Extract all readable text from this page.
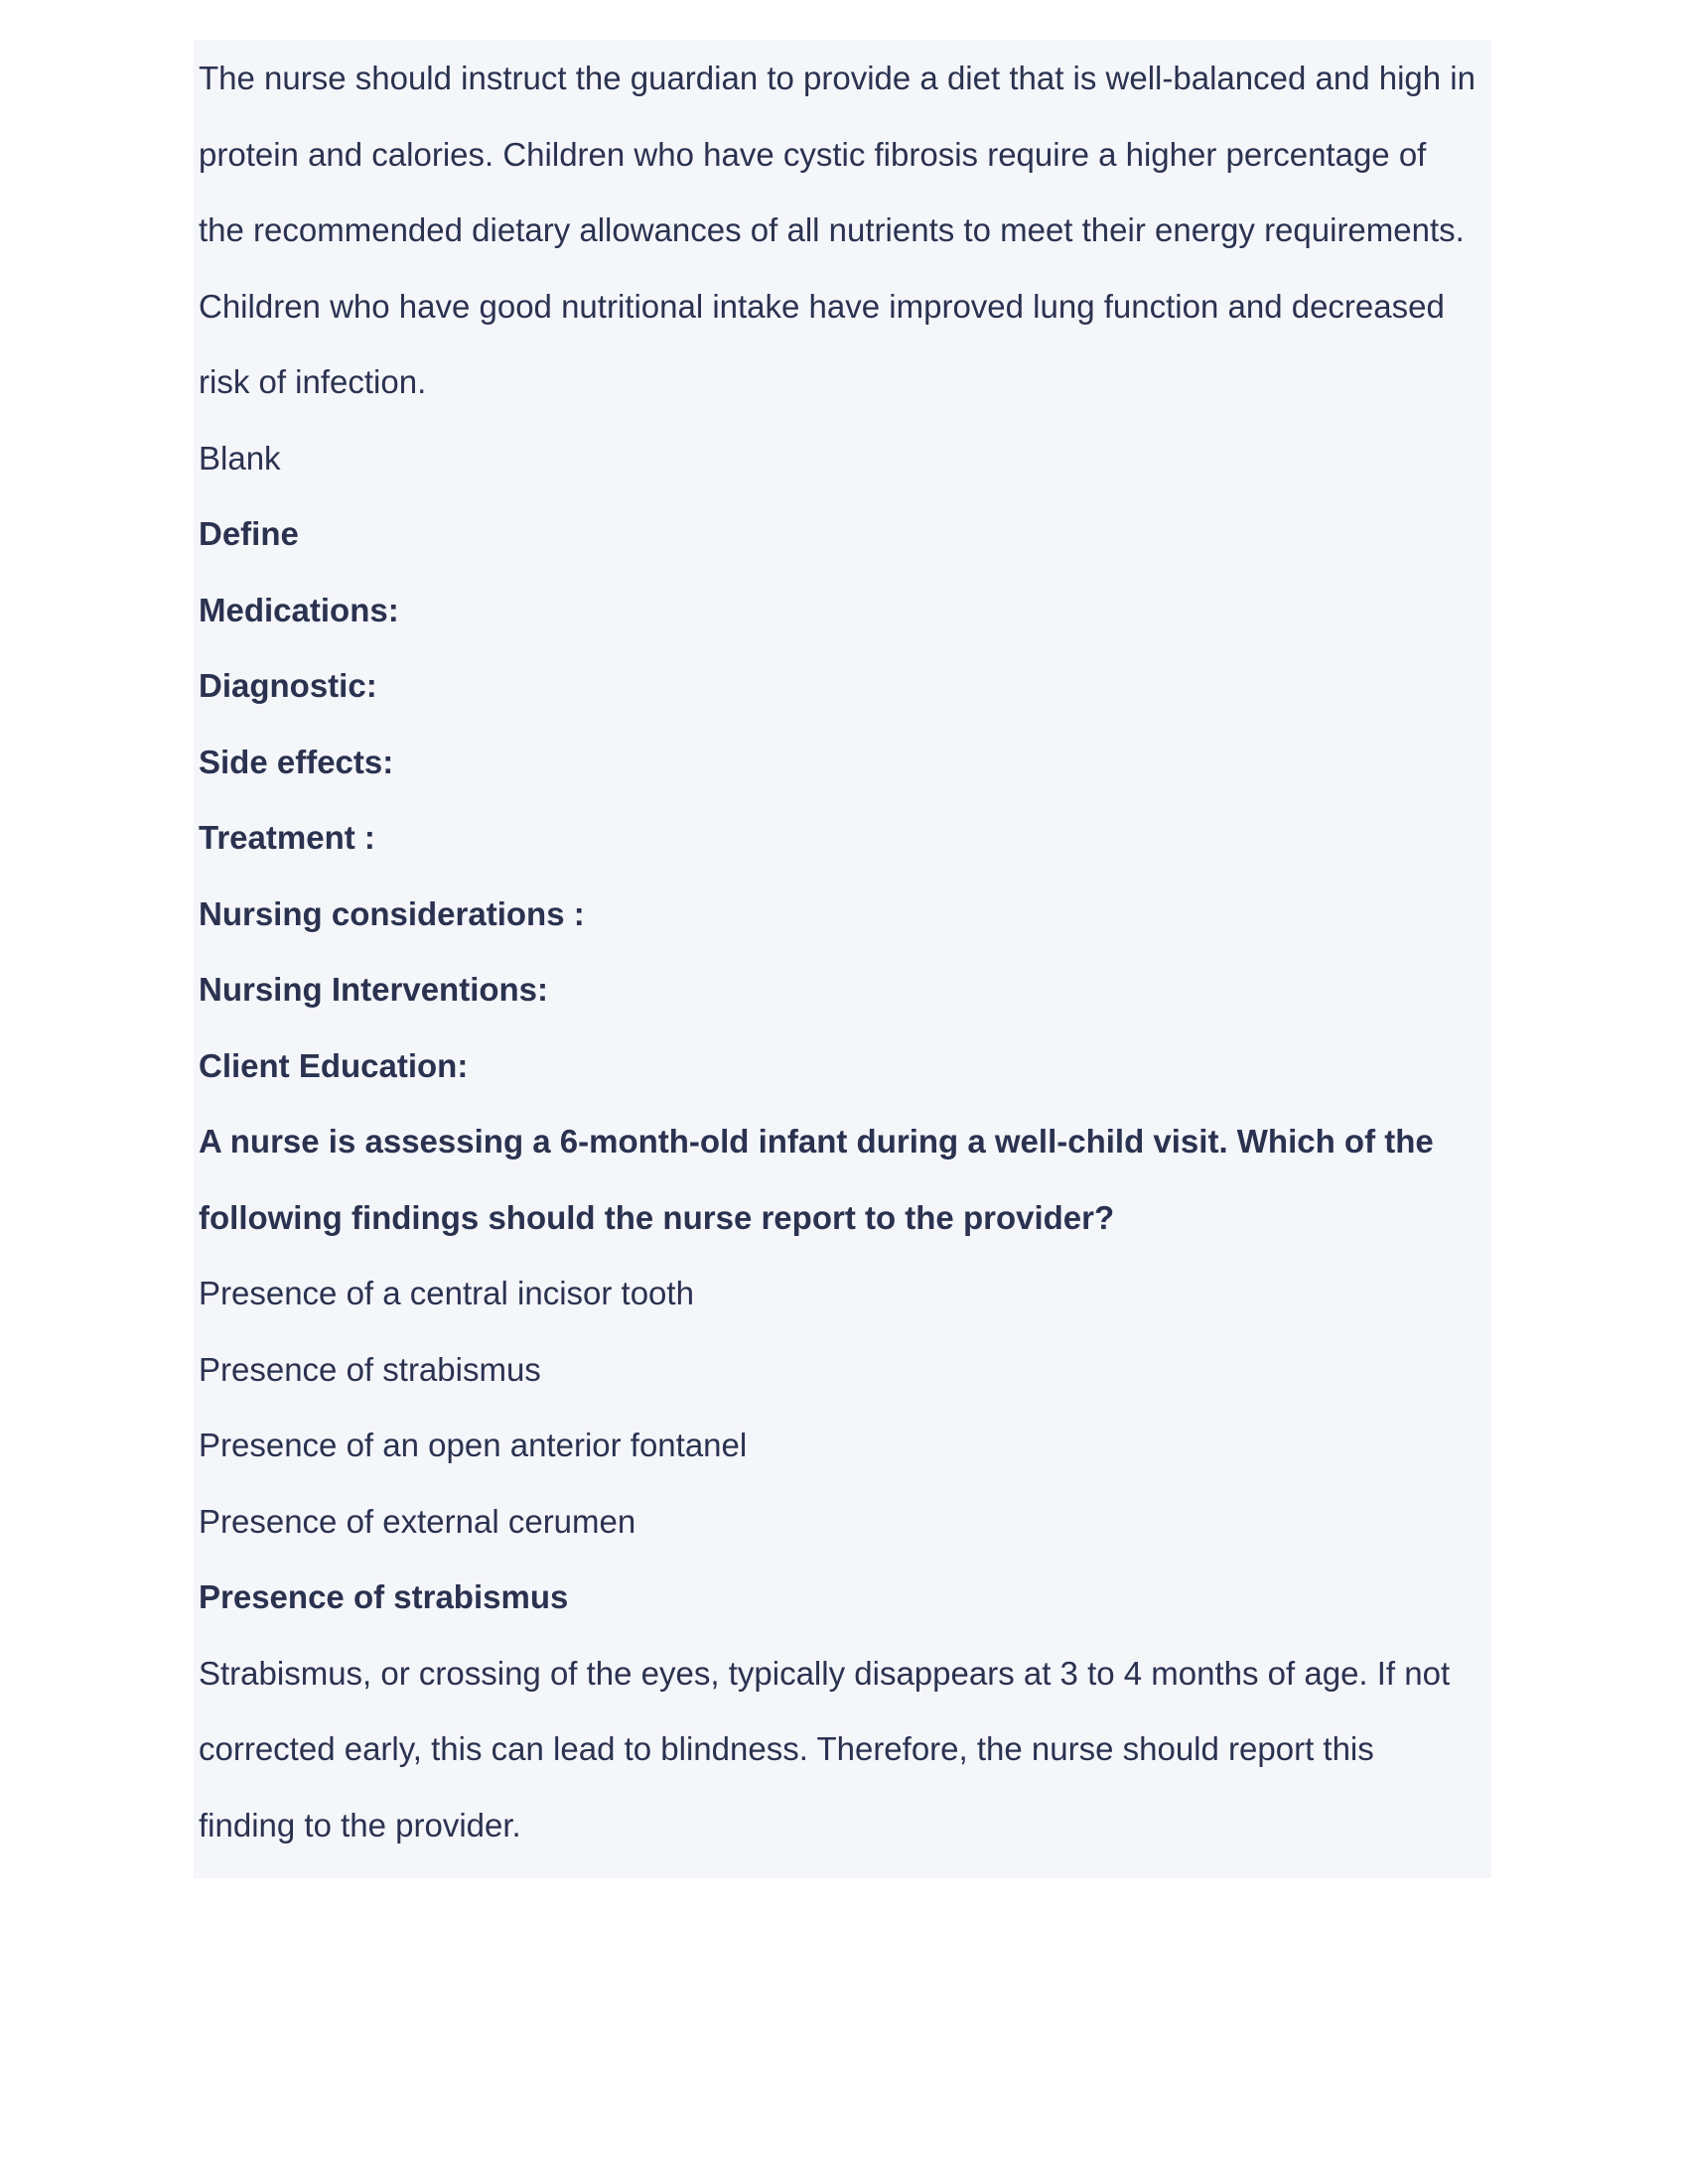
The nurse should instruct the guardian to provide a diet that is well-balanced and high in
protein and calories. Children who have cystic fibrosis require a higher percentage of
the recommended dietary allowances of all nutrients to meet their energy requirements.
Children who have good nutritional intake have improved lung function and decreased
risk of infection.
Blank
Define
Medications:
Diagnostic:
Side effects:
Treatment :
Nursing considerations :
Nursing Interventions:
Client Education:
A nurse is assessing a 6-month-old infant during a well-child visit. Which of the
following findings should the nurse report to the provider?
Presence of a central incisor tooth
Presence of strabismus
Presence of an open anterior fontanel
Presence of external cerumen
Presence of strabismus
Strabismus, or crossing of the eyes, typically disappears at 3 to 4 months of age. If not
corrected early, this can lead to blindness. Therefore, the nurse should report this
finding to the provider.
